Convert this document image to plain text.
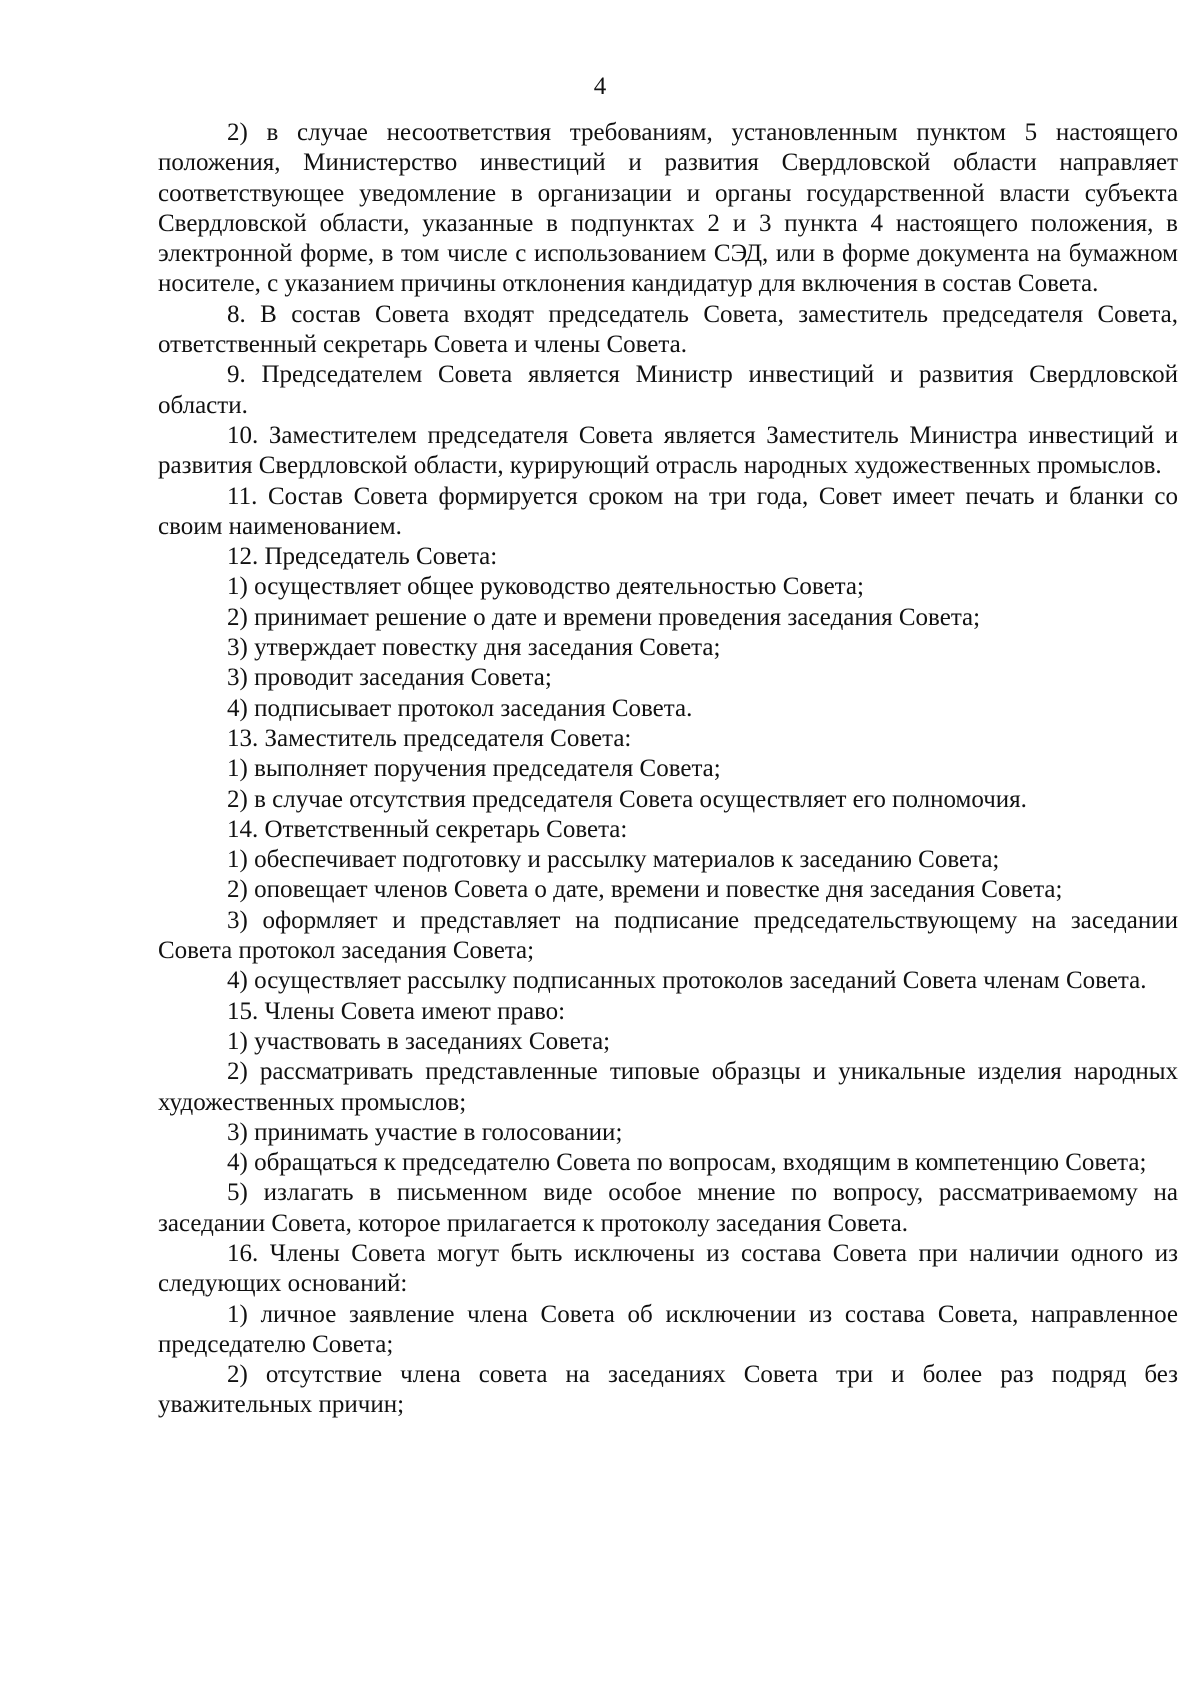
4

2) в случае несоответствия требованиям, установленным пунктом 5 настоящего положения, Министерство инвестиций и развития Свердловской области направляет соответствующее уведомление в организации и органы государственной власти субъекта Свердловской области, указанные в подпунктах 2 и 3 пункта 4 настоящего положения, в электронной форме, в том числе с использованием СЭД, или в форме документа на бумажном носителе, с указанием причины отклонения кандидатур для включения в состав Совета.

8. В состав Совета входят председатель Совета, заместитель председателя Совета, ответственный секретарь Совета и члены Совета.

9. Председателем Совета является Министр инвестиций и развития Свердловской области.

10. Заместителем председателя Совета является Заместитель Министра инвестиций и развития Свердловской области, курирующий отрасль народных художественных промыслов.

11. Состав Совета формируется сроком на три года, Совет имеет печать и бланки со своим наименованием.

12. Председатель Совета:

1) осуществляет общее руководство деятельностью Совета;

2) принимает решение о дате и времени проведения заседания Совета;

3) утверждает повестку дня заседания Совета;

3) проводит заседания Совета;

4) подписывает протокол заседания Совета.

13. Заместитель председателя Совета:

1) выполняет поручения председателя Совета;

2) в случае отсутствия председателя Совета осуществляет его полномочия.

14. Ответственный секретарь Совета:

1) обеспечивает подготовку и рассылку материалов к заседанию Совета;

2) оповещает членов Совета о дате, времени и повестке дня заседания Совета;

3) оформляет и представляет на подписание председательствующему на заседании Совета протокол заседания Совета;

4) осуществляет рассылку подписанных протоколов заседаний Совета членам Совета.

15. Члены Совета имеют право:

1) участвовать в заседаниях Совета;

2) рассматривать представленные типовые образцы и уникальные изделия народных художественных промыслов;

3) принимать участие в голосовании;

4) обращаться к председателю Совета по вопросам, входящим в компетенцию Совета;

5) излагать в письменном виде особое мнение по вопросу, рассматриваемому на заседании Совета, которое прилагается к протоколу заседания Совета.

16. Члены Совета могут быть исключены из состава Совета при наличии одного из следующих оснований:

1) личное заявление члена Совета об исключении из состава Совета, направленное председателю Совета;

2) отсутствие члена совета на заседаниях Совета три и более раз подряд без уважительных причин;
